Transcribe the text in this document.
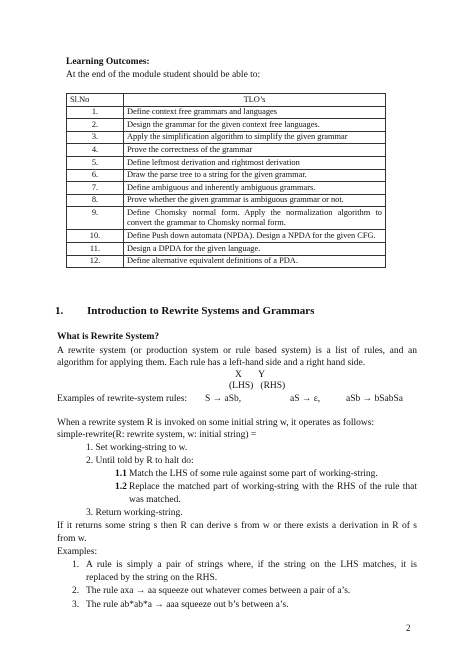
Learning Outcomes:
At the end of the module student should be able to:
Sl.No	TLO’s
1.	Define context free grammars and languages
2.	Design the grammar for the given context free languages.
3.	Apply the simplification algorithm to simplify the given grammar
4.	Prove the correctness of the grammar
5.	Define leftmost derivation and rightmost derivation
6.	Draw the parse tree to a string for the given grammar.
7.	Define ambiguous and inherently ambiguous grammars.
8.	Prove whether the given grammar is ambiguous grammar or not.
9.	Define Chomsky normal form. Apply the normalization algorithm to convert the grammar to Chomsky normal form.
10.	Define Push down automata (NPDA). Design a NPDA for the given CFG.
11.	Design a DPDA for the given language.
12.	Define alternative equivalent definitions of a PDA.
1. Introduction to Rewrite Systems and Grammars
What is Rewrite System?
A rewrite system (or production system or rule based system) is a list of rules, and an
algorithm for applying them. Each rule has a left-hand side and a right hand side.
X       Y
(LHS)   (RHS)
Examples of rewrite-system rules: S → aSb,	aS → ε,	aSb → bSabSa
When a rewrite system R is invoked on some initial string w, it operates as follows:
simple-rewrite(R: rewrite system, w: initial string) =
1. Set working-string to w.
2. Until told by R to halt do:
1.1 Match the LHS of some rule against some part of working-string.
1.2 Replace the matched part of working-string with the RHS of the rule that
was matched.
3. Return working-string.
If it returns some string s then R can derive s from w or there exists a derivation in R of s
from w.
Examples:
1. A rule is simply a pair of strings where, if the string on the LHS matches, it is
replaced by the string on the RHS.
2. The rule axa → aa squeeze out whatever comes between a pair of a’s.
3. The rule ab*ab*a → aaa squeeze out b’s between a’s.
2
